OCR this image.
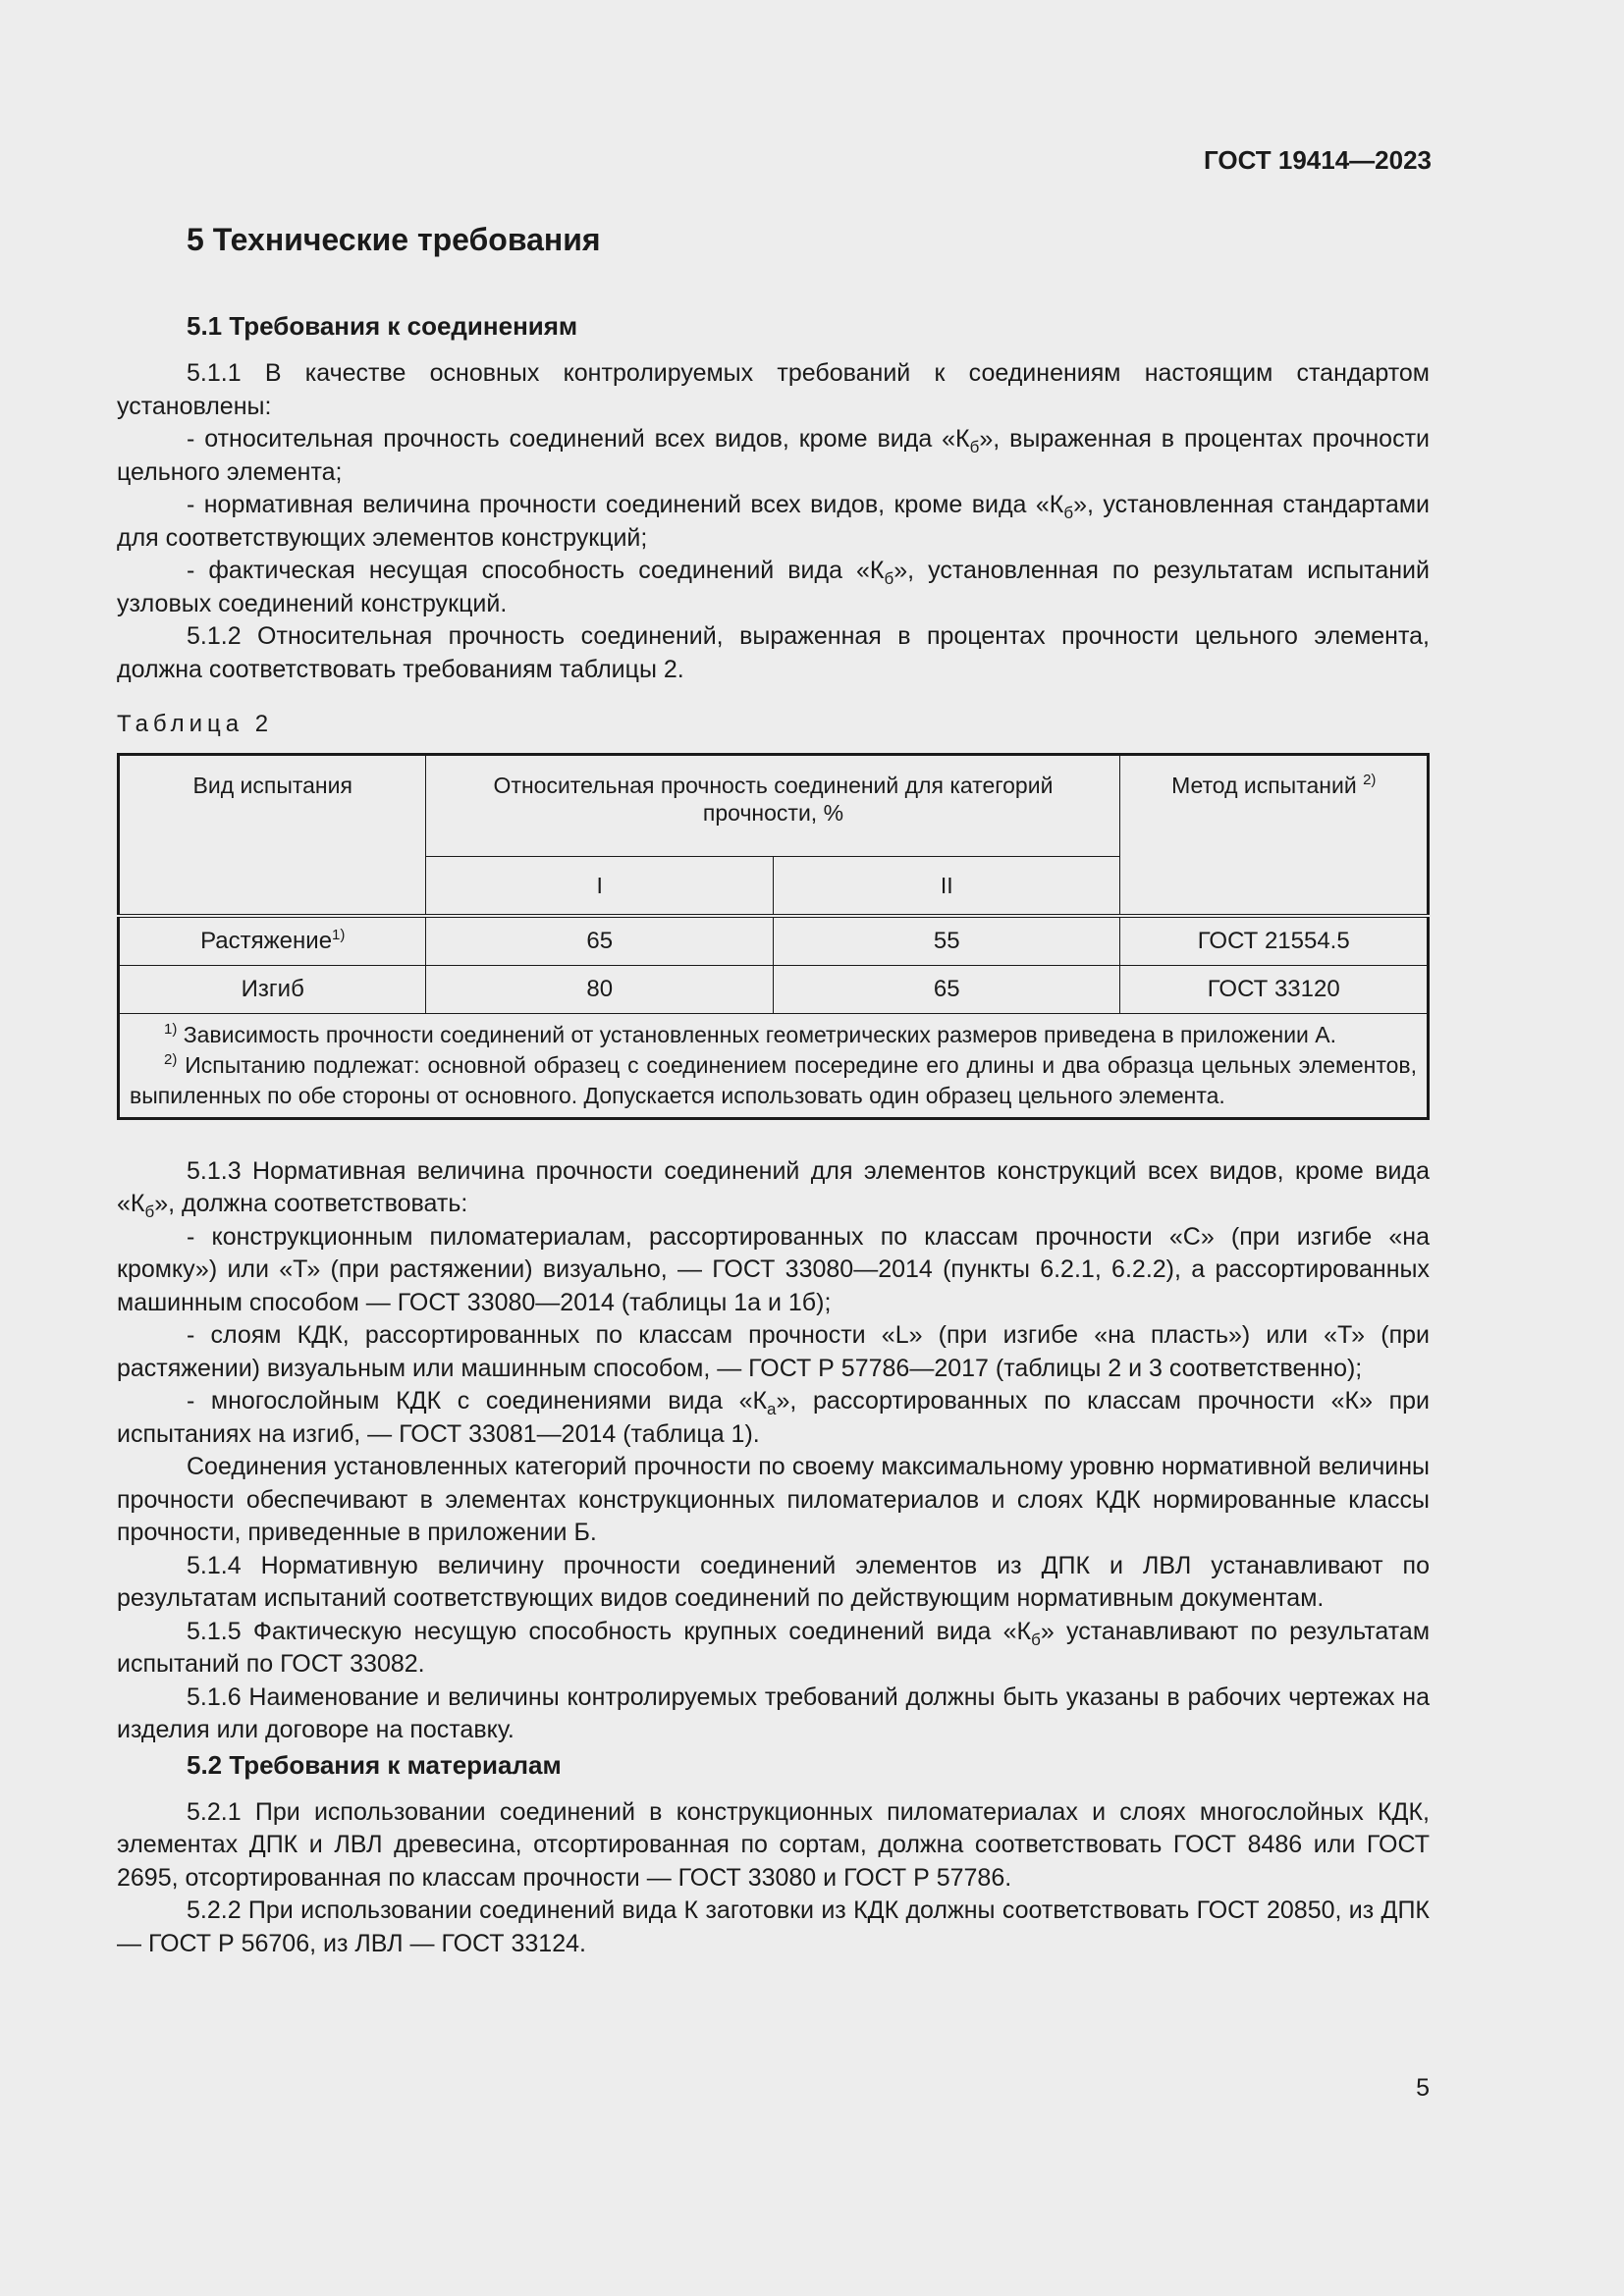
ГОСТ 19414—2023
5 Технические требования
5.1 Требования к соединениям

5.1.1 В качестве основных контролируемых требований к соединениям настоящим стандартом установлены:

- относительная прочность соединений всех видов, кроме вида «$К_б$», выраженная в процентах прочности цельного элемента;

- нормативная величина прочности соединений всех видов, кроме вида «$К_б$», установленная стандартами для соответствующих элементов конструкций;

- фактическая несущая способность соединений вида «$К_б$», установленная по результатам испытаний узловых соединений конструкций.

5.1.2 Относительная прочность соединений, выраженная в процентах прочности цельного элемента, должна соответствовать требованиям таблицы 2.

Таблица 2
Вид испытания	Относительная прочность соединений для категорий прочности, %		Метод испытаний $^{2)}$
	I	II	
Растяжение$^{1)}$	65	55	ГОСТ 21554.5
Изгиб	80	65	ГОСТ 33120

$^{1)}$ Зависимость прочности соединений от установленных геометрических размеров приведена в приложении А.

$^{2)}$ Испытанию подлежат: основной образец с соединением посередине его длины и два образца цельных элементов, выпиленных по обе стороны от основного. Допускается использовать один образец цельного элемента.			

5.1.3 Нормативная величина прочности соединений для элементов конструкций всех видов, кроме вида «$К_б$», должна соответствовать:

- конструкционным пиломатериалам, рассортированных по классам прочности «С» (при изгибе «на кромку») или «Т» (при растяжении) визуально, — ГОСТ 33080—2014 (пункты 6.2.1, 6.2.2), а рассортированных машинным способом — ГОСТ 33080—2014 (таблицы 1а и 1б);

- слоям КДК, рассортированных по классам прочности «L» (при изгибе «на пласть») или «Т» (при растяжении) визуальным или машинным способом, — ГОСТ Р 57786—2017 (таблицы 2 и 3 соответственно);

- многослойным КДК с соединениями вида «$К_а$», рассортированных по классам прочности «К» при испытаниях на изгиб, — ГОСТ 33081—2014 (таблица 1).

Соединения установленных категорий прочности по своему максимальному уровню нормативной величины прочности обеспечивают в элементах конструкционных пиломатериалов и слоях КДК нормированные классы прочности, приведенные в приложении Б.

5.1.4 Нормативную величину прочности соединений элементов из ДПК и ЛВЛ устанавливают по результатам испытаний соответствующих видов соединений по действующим нормативным документам.

5.1.5 Фактическую несущую способность крупных соединений вида «$К_б$» устанавливают по результатам испытаний по ГОСТ 33082.

5.1.6 Наименование и величины контролируемых требований должны быть указаны в рабочих чертежах на изделия или договоре на поставку.

5.2 Требования к материалам

5.2.1 При использовании соединений в конструкционных пиломатериалах и слоях многослойных КДК, элементах ДПК и ЛВЛ древесина, отсортированная по сортам, должна соответствовать ГОСТ 8486 или ГОСТ 2695, отсортированная по классам прочности — ГОСТ 33080 и ГОСТ Р 57786.

5.2.2 При использовании соединений вида К заготовки из КДК должны соответствовать ГОСТ 20850, из ДПК — ГОСТ Р 56706, из ЛВЛ — ГОСТ 33124.

5
